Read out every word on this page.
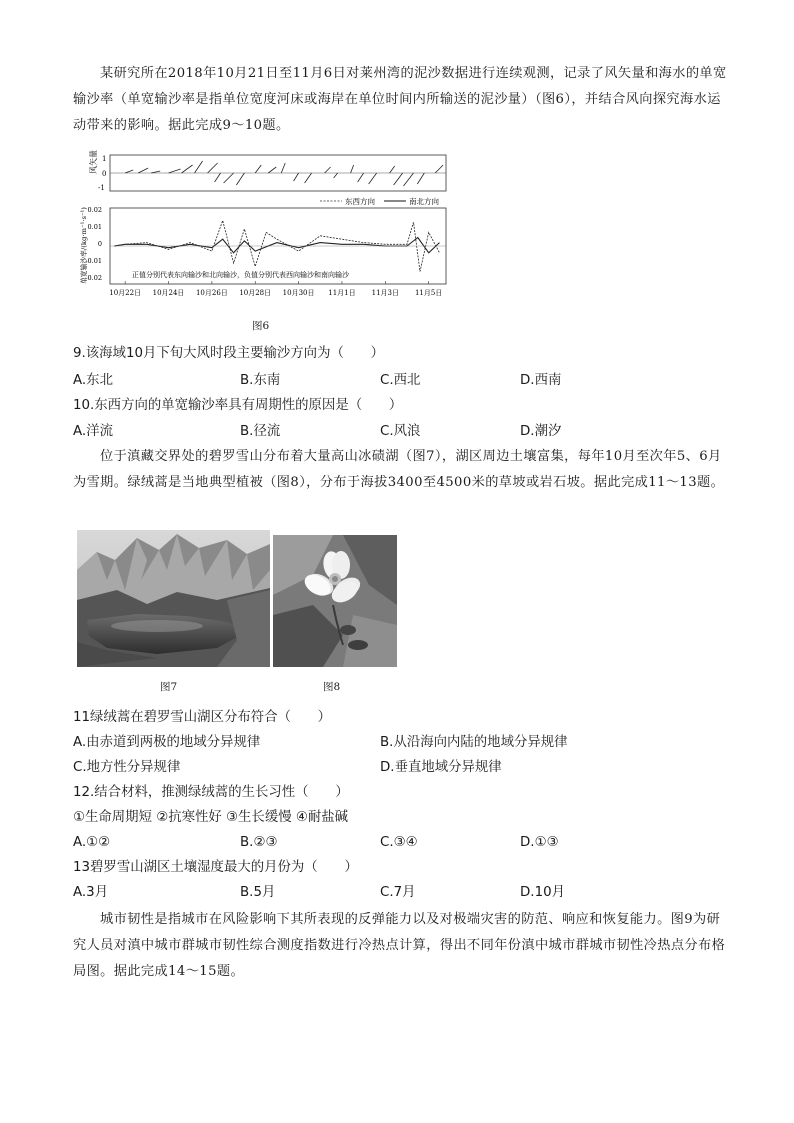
某研究所在2018年10月21日至11月6日对莱州湾的泥沙数据进行连续观测，记录了风矢量和海水的单宽输沙率（单宽输沙率是指单位宽度河床或海岸在单位时间内所输送的泥沙量）（图6），并结合风向探究海水运动带来的影响。据此完成9～10题。

风矢量 1
0
-1
东西方向	南北方向
0.02
0.01
0
-0.01
-0.02
单宽输沙率/(kg·m⁻¹·s⁻¹)	正值分别代表东向输沙和北向输沙，负值分别代表西向输沙和南向输沙
10月22日 10月24日 10月26日 10月28日 10月30日 11月1日 11月3日 11月5日
图6

9.该海域10月下旬大风时段主要输沙方向为（　　）

A.东北	B.东南	C.西北	D.西南

10.东西方向的单宽输沙率具有周期性的原因是（　　）

A.洋流	B.径流	C.风浪	D.潮汐

位于滇藏交界处的碧罗雪山分布着大量高山冰碛湖（图7），湖区周边土壤富集，每年10月至次年5、6月为雪期。绿绒蒿是当地典型植被（图8），分布于海拔3400至4500米的草坡或岩石坡。据此完成11～13题。

图7	图8

11绿绒蒿在碧罗雪山湖区分布符合（　　）

A.由赤道到两极的地域分异规律	B.从沿海向内陆的地域分异规律
C.地方性分异规律	D.垂直地域分异规律

12.结合材料，推测绿绒蒿的生长习性（　　）

①生命周期短 ②抗寒性好 ③生长缓慢 ④耐盐碱

A.①②	B.②③	C.③④	D.①③

13碧罗雪山湖区土壤湿度最大的月份为（　　）

A.3月	B.5月	C.7月	D.10月

城市韧性是指城市在风险影响下其所表现的反弹能力以及对极端灾害的防范、响应和恢复能力。图9为研究人员对滇中城市群城市韧性综合测度指数进行冷热点计算，得出不同年份滇中城市群城市韧性冷热点分布格局图。据此完成14～15题。
